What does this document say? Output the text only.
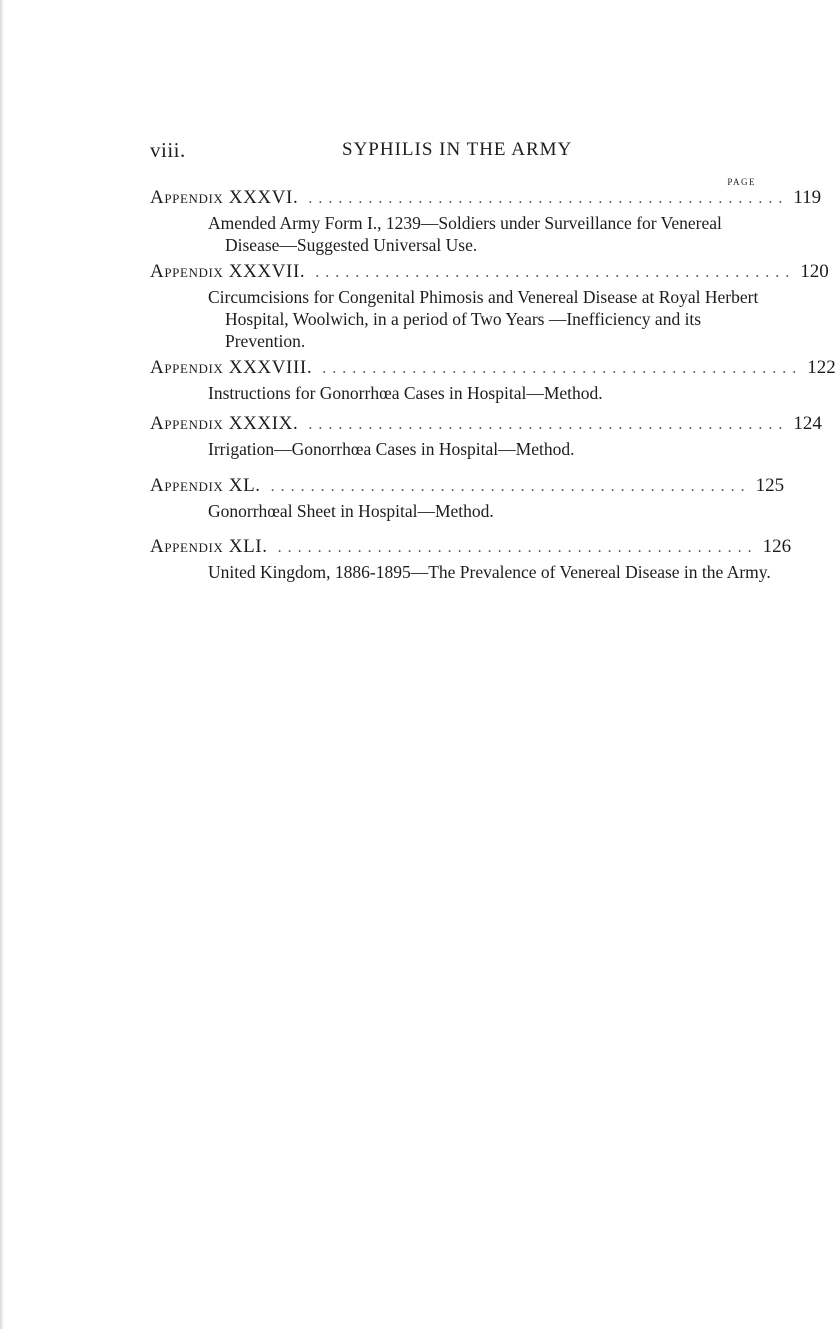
viii.	SYPHILIS IN THE ARMY
PAGE
Appendix XXXVI. . . . . . . . . . . . . . . . . . . . . . . . . . . . . . . . . . . . . . . . . . . . . . . . . 119
Amended Army Form I., 1239—Soldiers under Surveillance for Venereal Disease—Suggested Universal Use.
Appendix XXXVII. . . . . . . . . . . . . . . . . . . . . . . . . . . . . . . . . . . . . . . . . . . . . . . . . 120
Circumcisions for Congenital Phimosis and Venereal Disease at Royal Herbert Hospital, Woolwich, in a period of Two Years —Inefficiency and its Prevention.
Appendix XXXVIII. . . . . . . . . . . . . . . . . . . . . . . . . . . . . . . . . . . . . . . . . . . . . . . . . 122
Instructions for Gonorrhœa Cases in Hospital—Method.
Appendix XXXIX. . . . . . . . . . . . . . . . . . . . . . . . . . . . . . . . . . . . . . . . . . . . . . . . . 124
Irrigation—Gonorrhœa Cases in Hospital—Method.
Appendix XL. . . . . . . . . . . . . . . . . . . . . . . . . . . . . . . . . . . . . . . . . . . . . . . . . 125
Gonorrhœal Sheet in Hospital—Method.
Appendix XLI. . . . . . . . . . . . . . . . . . . . . . . . . . . . . . . . . . . . . . . . . . . . . . . . . 126
United Kingdom, 1886-1895—The Prevalence of Venereal Disease in the Army.
